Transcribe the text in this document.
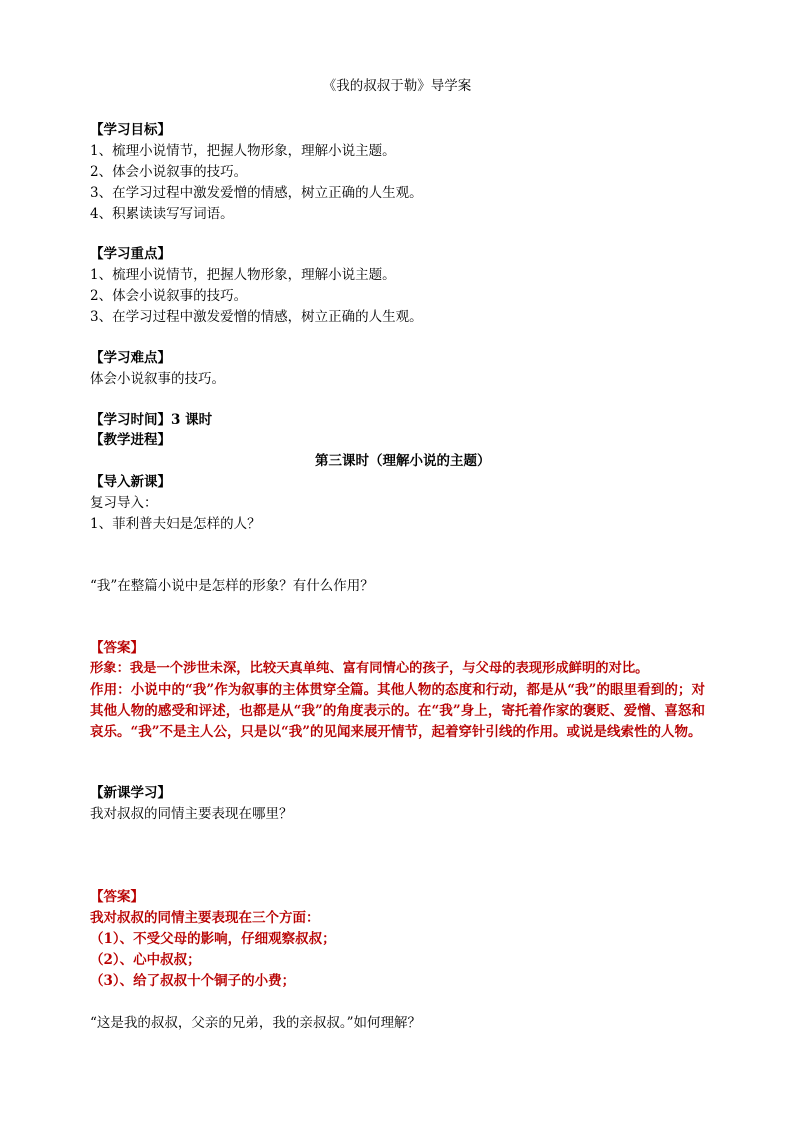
《我的叔叔于勒》导学案
【学习目标】
1、梳理小说情节，把握人物形象，理解小说主题。
2、体会小说叙事的技巧。
3、在学习过程中激发爱憎的情感，树立正确的人生观。
4、积累读读写写词语。
【学习重点】
1、梳理小说情节，把握人物形象，理解小说主题。
2、体会小说叙事的技巧。
3、在学习过程中激发爱憎的情感，树立正确的人生观。
【学习难点】
体会小说叙事的技巧。
【学习时间】3 课时
【教学进程】
第三课时（理解小说的主题）
【导入新课】
复习导入：
1、菲利普夫妇是怎样的人？
“我”在整篇小说中是怎样的形象？有什么作用？
【答案】
形象：我是一个涉世未深，比较天真单纯、富有同情心的孩子，与父母的表现形成鲜明的对比。
作用：小说中的“我”作为叙事的主体贯穿全篇。其他人物的态度和行动，都是从“我”的眼里看到的；对其他人物的感受和评述，也都是从“我”的角度表示的。在“我”身上，寄托着作家的褒贬、爱憎、喜怒和哀乐。“我”不是主人公，只是以“我”的见闻来展开情节，起着穿针引线的作用。或说是线索性的人物。
【新课学习】
我对叔叔的同情主要表现在哪里？
【答案】
我对叔叔的同情主要表现在三个方面：
（1）、不受父母的影响，仔细观察叔叔；
（2）、心中叔叔；
（3）、给了叔叔十个铜子的小费；
“这是我的叔叔，父亲的兄弟，我的亲叔叔。”如何理解？
